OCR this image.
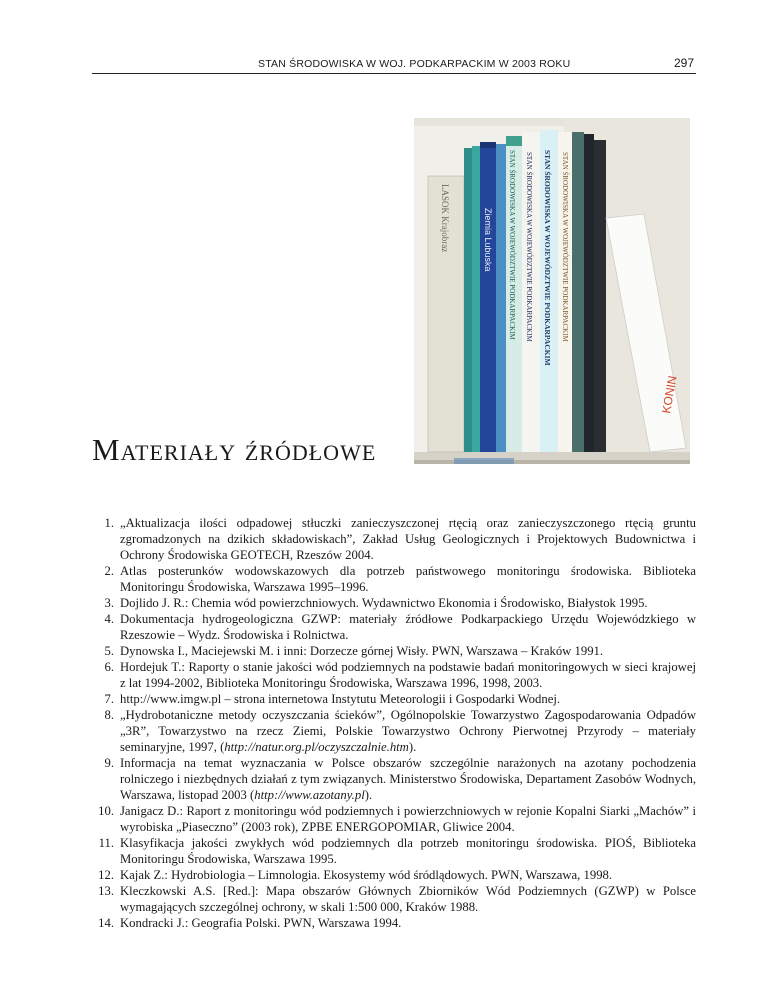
STAN ŚRODOWISKA W WOJ. PODKARPACKIM W 2003 ROKU	297
LASOK Krajobraz	Ziemia Lubuska STAN ŚRODOWISKA W WOJEWÓDZTWIE PODKARPACKIM STAN ŚRODOWISKA W WOJEWÓDZTWIE PODKARPACKIM STAN ŚRODOWISKA W WOJEWÓDZTWIE PODKARPACKIM STAN ŚRODOWISKA W WOJEWÓDZTWIE PODKARPACKIM
KONIN
Materiały źródłowe
1. „Aktualizacja ilości odpadowej stłuczki zanieczyszczonej rtęcią oraz zanieczyszczonego rtęcią gruntu zgromadzonych na dzikich składowiskach”, Zakład Usług Geologicznych i Projektowych Budownictwa i Ochrony Środowiska GEOTECH, Rzeszów 2004.
2. Atlas posterunków wodowskazowych dla potrzeb państwowego monitoringu środowiska. Biblioteka Monitoringu Środowiska, Warszawa 1995–1996.
3. Dojlido J. R.: Chemia wód powierzchniowych. Wydawnictwo Ekonomia i Środowisko, Białystok 1995.
4. Dokumentacja hydrogeologiczna GZWP: materiały źródłowe Podkarpackiego Urzędu Wojewódzkiego w Rzeszowie – Wydz. Środowiska i Rolnictwa.
5. Dynowska I., Maciejewski M. i inni: Dorzecze górnej Wisły. PWN, Warszawa – Kraków 1991.
6. Hordejuk T.: Raporty o stanie jakości wód podziemnych na podstawie badań monitoringowych w sieci krajowej z lat 1994-2002, Biblioteka Monitoringu Środowiska, Warszawa 1996, 1998, 2003.
7. http://www.imgw.pl – strona internetowa Instytutu Meteorologii i Gospodarki Wodnej.
8. „Hydrobotaniczne metody oczyszczania ścieków”, Ogólnopolskie Towarzystwo Zagospodarowania Odpadów „3R”, Towarzystwo na rzecz Ziemi, Polskie Towarzystwo Ochrony Pierwotnej Przyrody – materiały seminaryjne, 1997, (http://natur.org.pl/oczyszczalnie.htm).
9. Informacja na temat wyznaczania w Polsce obszarów szczególnie narażonych na azotany pochodzenia rolniczego i niezbędnych działań z tym związanych. Ministerstwo Środowiska, Departament Zasobów Wodnych, Warszawa, listopad 2003 (http://www.azotany.pl).
10. Janigacz D.: Raport z monitoringu wód podziemnych i powierzchniowych w rejonie Kopalni Siarki „Machów” i wyrobiska „Piaseczno” (2003 rok), ZPBE ENERGOPOMIAR, Gliwice 2004.
11. Klasyfikacja jakości zwykłych wód podziemnych dla potrzeb monitoringu środowiska. PIOŚ, Biblioteka Monitoringu Środowiska, Warszawa 1995.
12. Kajak Z.: Hydrobiologia – Limnologia. Ekosystemy wód śródlądowych. PWN, Warszawa, 1998.
13. Kleczkowski A.S. [Red.]: Mapa obszarów Głównych Zbiorników Wód Podziemnych (GZWP) w Polsce wymagających szczególnej ochrony, w skali 1:500 000, Kraków 1988.
14. Kondracki J.: Geografia Polski. PWN, Warszawa 1994.
